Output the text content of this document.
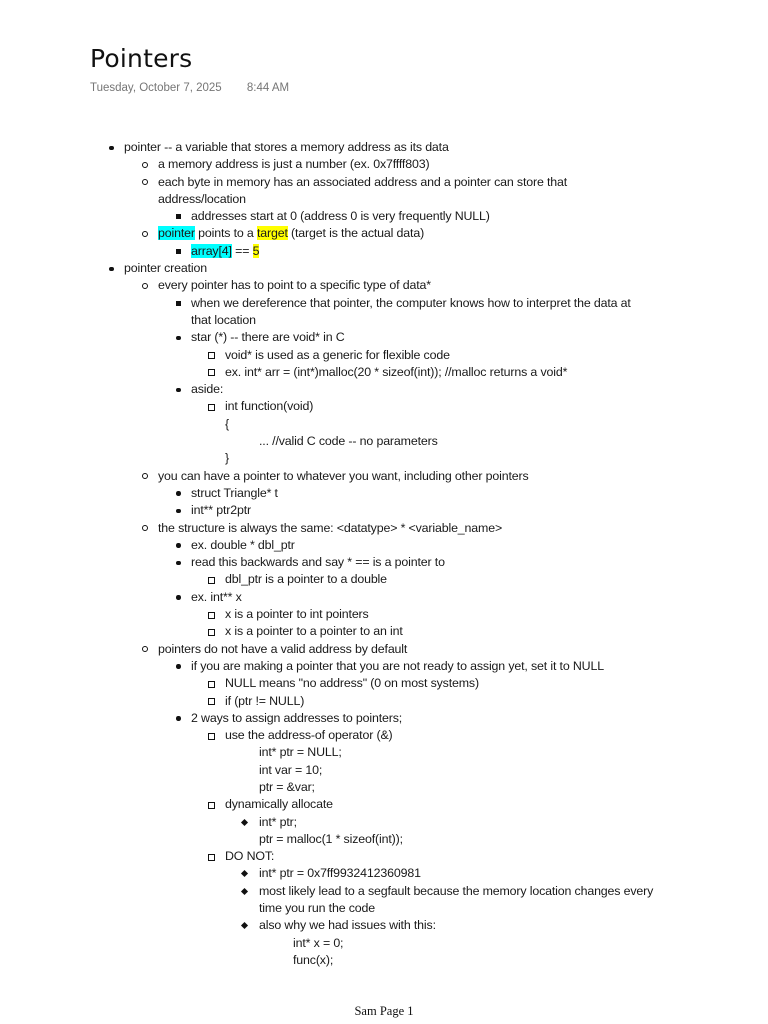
Pointers
Tuesday, October 7, 2025 8:44 AM
pointer -- a variable that stores a memory address as its data
a memory address is just a number (ex. 0x7ffff803)
each byte in memory has an associated address and a pointer can store that
address/location
addresses start at 0 (address 0 is very frequently NULL)
pointer points to a target (target is the actual data)
array[4] == 5
pointer creation
every pointer has to point to a specific type of data*
when we dereference that pointer, the computer knows how to interpret the data at
that location
star (*) -- there are void* in C
void* is used as a generic for flexible code
ex. int* arr = (int*)malloc(20 * sizeof(int)); //malloc returns a void*
aside:
int function(void)
{
... //valid C code -- no parameters
}
you can have a pointer to whatever you want, including other pointers
struct Triangle* t
int** ptr2ptr
the structure is always the same: <datatype> * <variable_name>
ex. double * dbl_ptr
read this backwards and say * == is a pointer to
dbl_ptr is a pointer to a double
ex. int** x
x is a pointer to int pointers
x is a pointer to a pointer to an int
pointers do not have a valid address by default
if you are making a pointer that you are not ready to assign yet, set it to NULL
NULL means "no address" (0 on most systems)
if (ptr != NULL)
2 ways to assign addresses to pointers;
use the address-of operator (&)
int* ptr = NULL;
int var = 10;
ptr = &var;
dynamically allocate
int* ptr;
ptr = malloc(1 * sizeof(int));
DO NOT:
int* ptr = 0x7ff9932412360981
most likely lead to a segfault because the memory location changes every
time you run the code
also why we had issues with this:
int* x = 0;
func(x);
Sam Page 1
